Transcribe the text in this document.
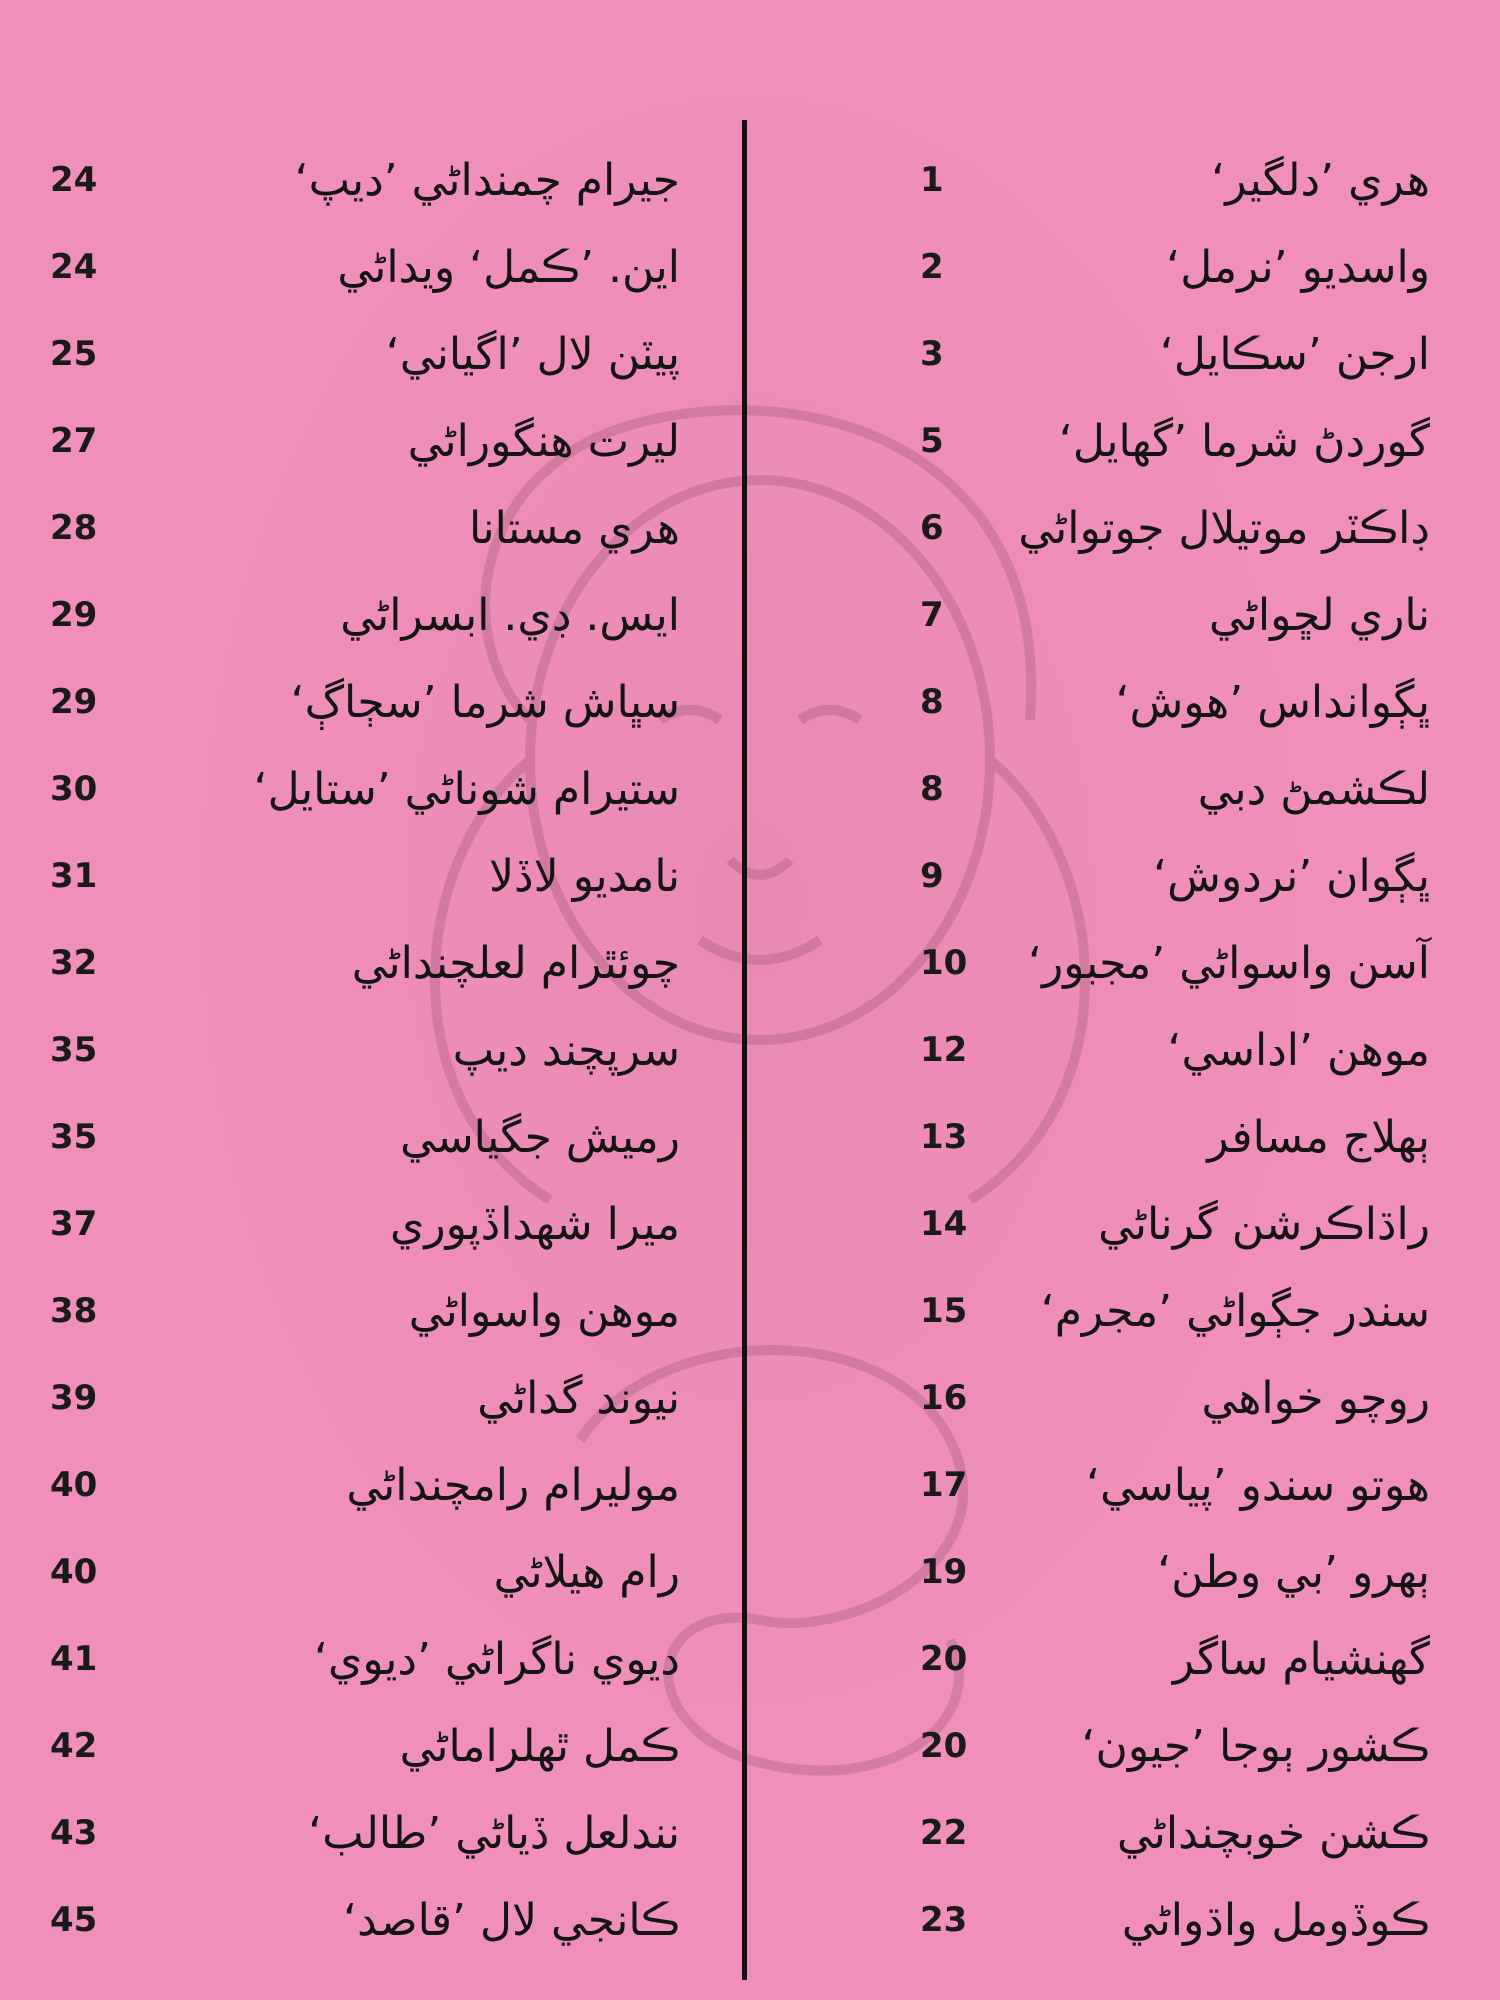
24	جيرام چمنداڻي ’ديپ‘
24	اين. ’ڪمل‘ ويداڻي
25	پيٽن لال ’اگياني‘
27	ليرت هنگوراڻي
28	هري مستانا
29	ايس. ڊي. ابسراڻي
29	سڀاش شرما ’سڄاڳ‘
30	ستيرام شوناڻي ’ستايل‘
31	نامديو لاڏلا
32	چوئٿرام لعلچنداڻي
35	سرپچند ديپ
35	رميش جگياسي
37	ميرا شهداڏپوري
38	موهن واسواڻي
39	نيوند گداڻي
40	موليرام رامچنداڻي
40	رام هيلاڻي
41	ديوي ناگراڻي ’ديوي‘
42	ڪمل ٿهلراماڻي
43	نندلعل ڏياڻي ’طالب‘
45	ڪانجي لال ’قاصد‘
1	هري ’دلگير‘
2	واسديو ’نرمل‘
3	ارجن ’سڪايل‘
5	گوردڻ شرما ’گهايل‘
6	ڊاڪٽر موتيلال جوتواڻي
7	ناري لڇواڻي
8	ڀڳوانداس ’هوش‘
8	لڪشمڻ دبي
9	ڀڳوان ’نردوش‘
10	آسن واسواڻي ’مجبور‘
12	موهن ’اداسي‘
13	ٻهلاج مسافر
14	راڌاڪرشن گرناڻي
15	سندر جڳواڻي ’مجرم‘
16	روچو خواهي
17	هوتو سندو ’پياسي‘
19	ٻهرو ’بي وطن‘
20	گهنشيام ساگر
20	ڪشور ٻوجا ’جيون‘
22	ڪشن خوبچنداڻي
23	ڪوڏومل واڌواڻي
